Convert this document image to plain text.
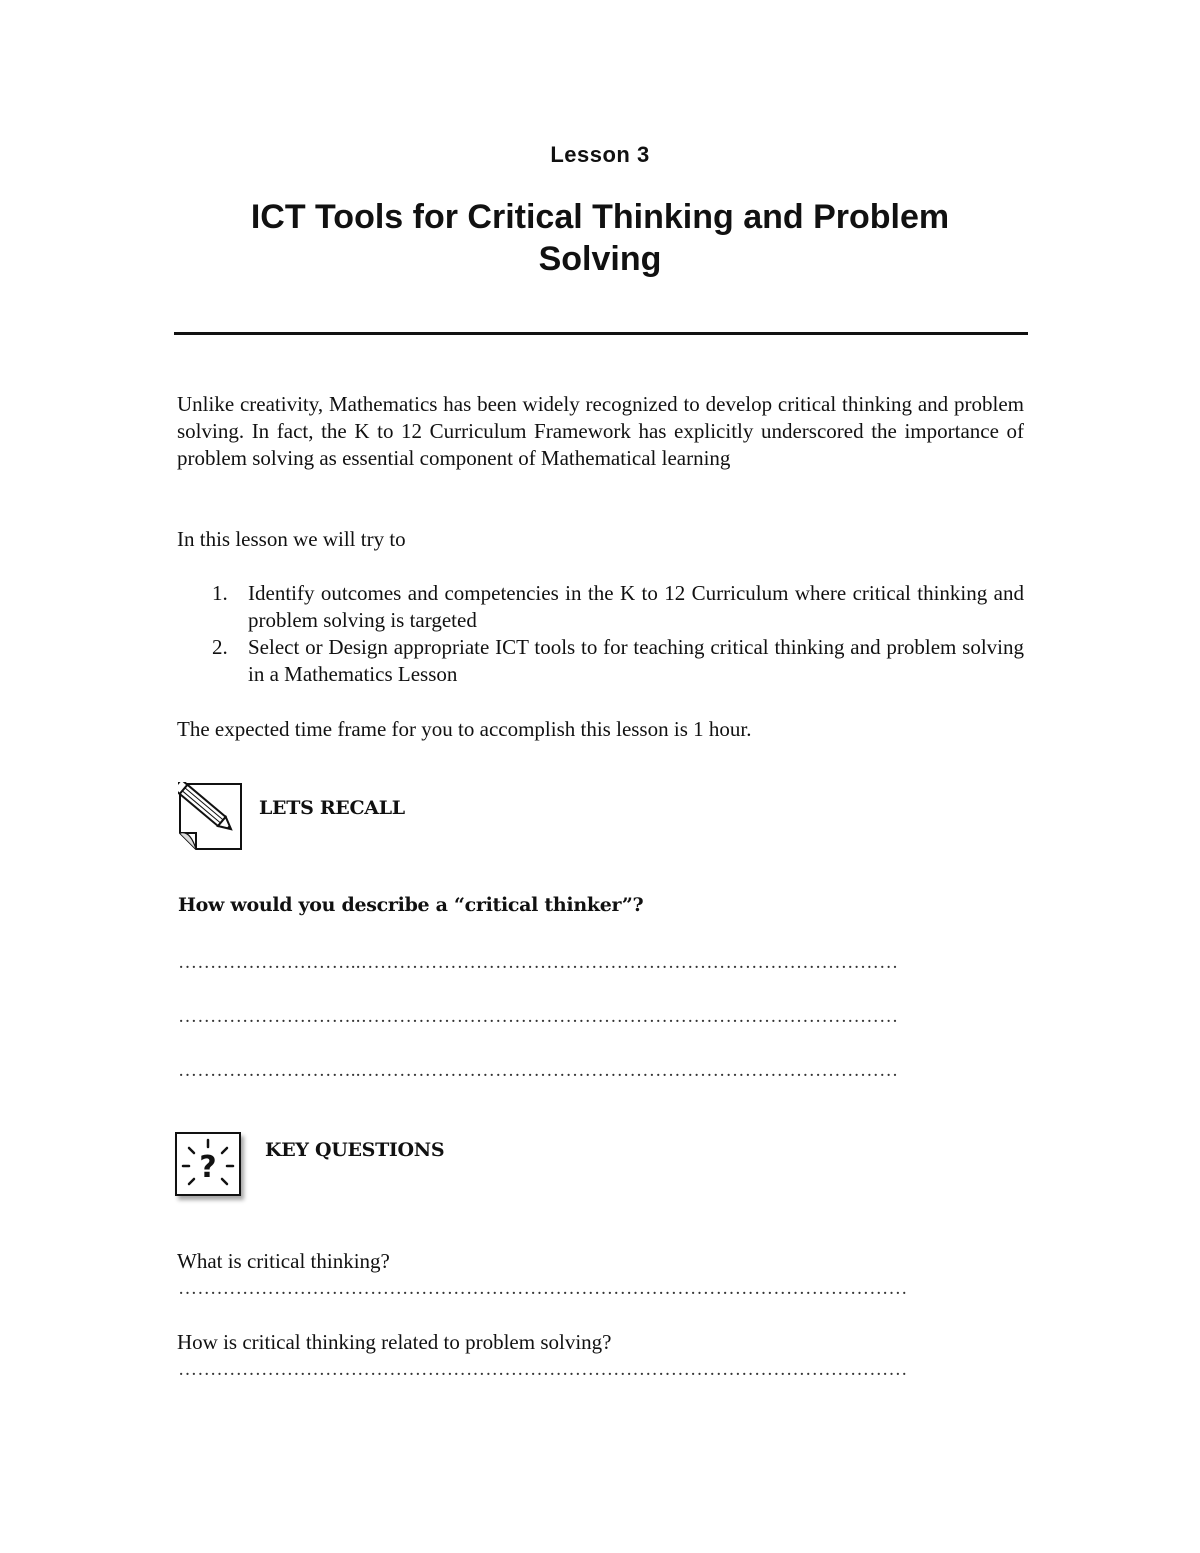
Lesson 3
ICT Tools for Critical Thinking and Problem Solving

Unlike creativity, Mathematics has been widely recognized to develop critical thinking and problem solving. In fact, the K to 12 Curriculum Framework has explicitly underscored the importance of problem solving as essential component of Mathematical learning

In this lesson we will try to

1. Identify outcomes and competencies in the K to 12 Curriculum where critical thinking and problem solving is targeted
2. Select or Design appropriate ICT tools to for teaching critical thinking and problem solving in a Mathematics Lesson

The expected time frame for you to accomplish this lesson is 1 hour.

LETS RECALL
How would you describe a “critical thinker”?
………………………..…………………………………………………………………………
………………………..…………………………………………………………………………
………………………..…………………………………………………………………………
?	KEY QUESTIONS

What is critical thinking?

……………………………………………………………………………………………………

How is critical thinking related to problem solving?

……………………………………………………………………………………………………
